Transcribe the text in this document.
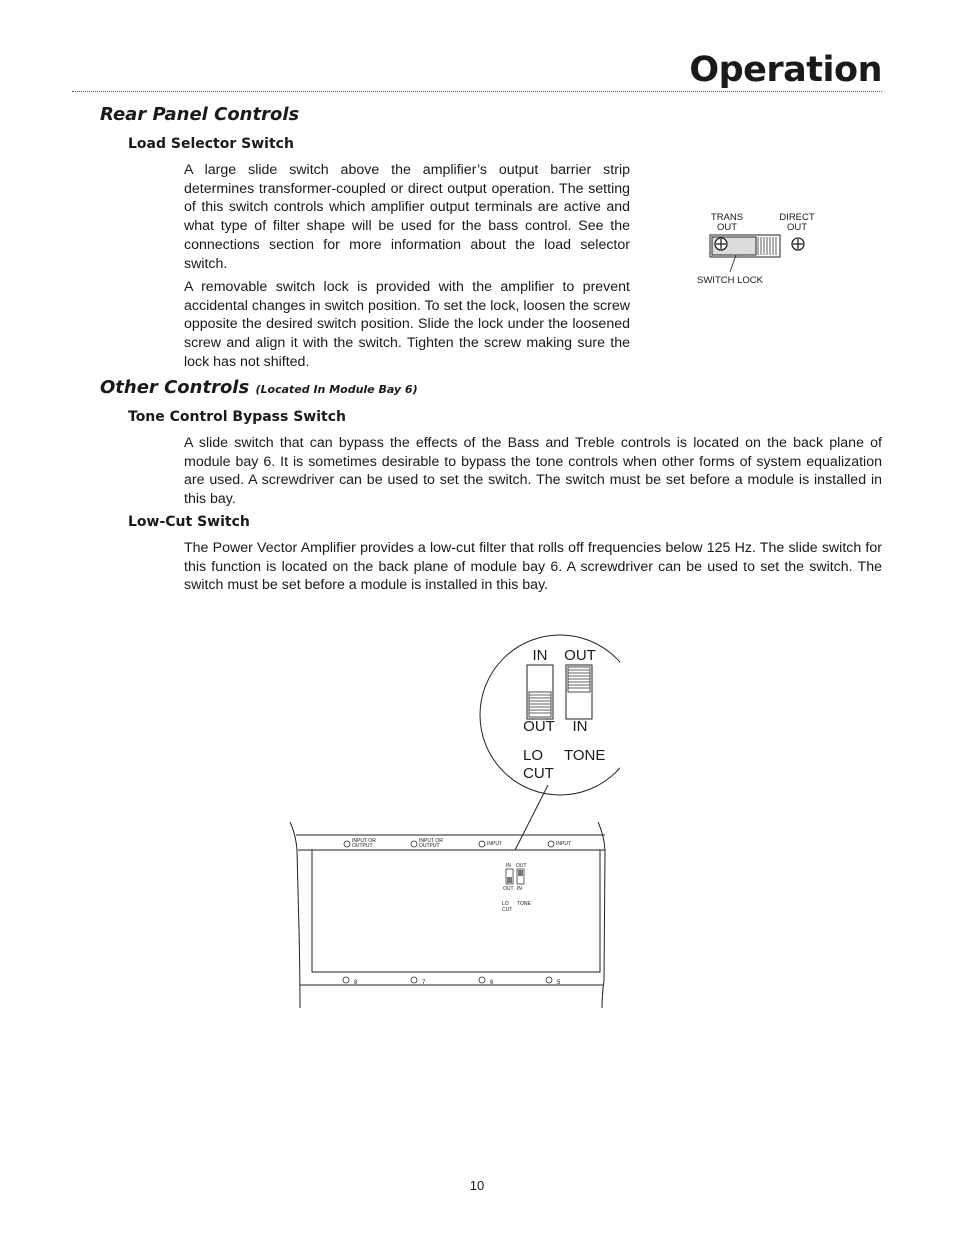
Operation
Rear Panel Controls
Load Selector Switch

A large slide switch above the amplifier’s output barrier strip determines transformer-coupled or direct output operation. The setting of this switch controls which amplifier output terminals are active and what type of filter shape will be used for the bass control. See the connections section for more information about the load selector switch.

A removable switch lock is provided with the amplifier to prevent accidental changes in switch position. To set the lock, loosen the screw opposite the desired switch position. Slide the lock under the loosened screw and align it with the switch. Tighten the screw making sure the lock has not shifted.

TRANS
OUT
DIRECT
OUT
SWITCH LOCK
Other Controls (Located In Module Bay 6)
Tone Control Bypass Switch

A slide switch that can bypass the effects of the Bass and Treble controls is located on the back plane of module bay 6. It is sometimes desirable to bypass the tone controls when other forms of system equalization are used. A screwdriver can be used to set the switch. The switch must be set before a module is installed in this bay.

Low-Cut Switch

The Power Vector Amplifier provides a low-cut filter that rolls off frequencies below 125 Hz. The slide switch for this function is located on the back plane of module bay 6. A screwdriver can be used to set the switch. The switch must be set before a module is installed in this bay.

IN OUT
OUT IN
LO
CUT
TONE
INPUT OR
OUTPUT
INPUT OR
OUTPUT	INPUT	INPUT
IN OUT
OUT IN
LO
CUT
TONE
8	7	6	5
10
